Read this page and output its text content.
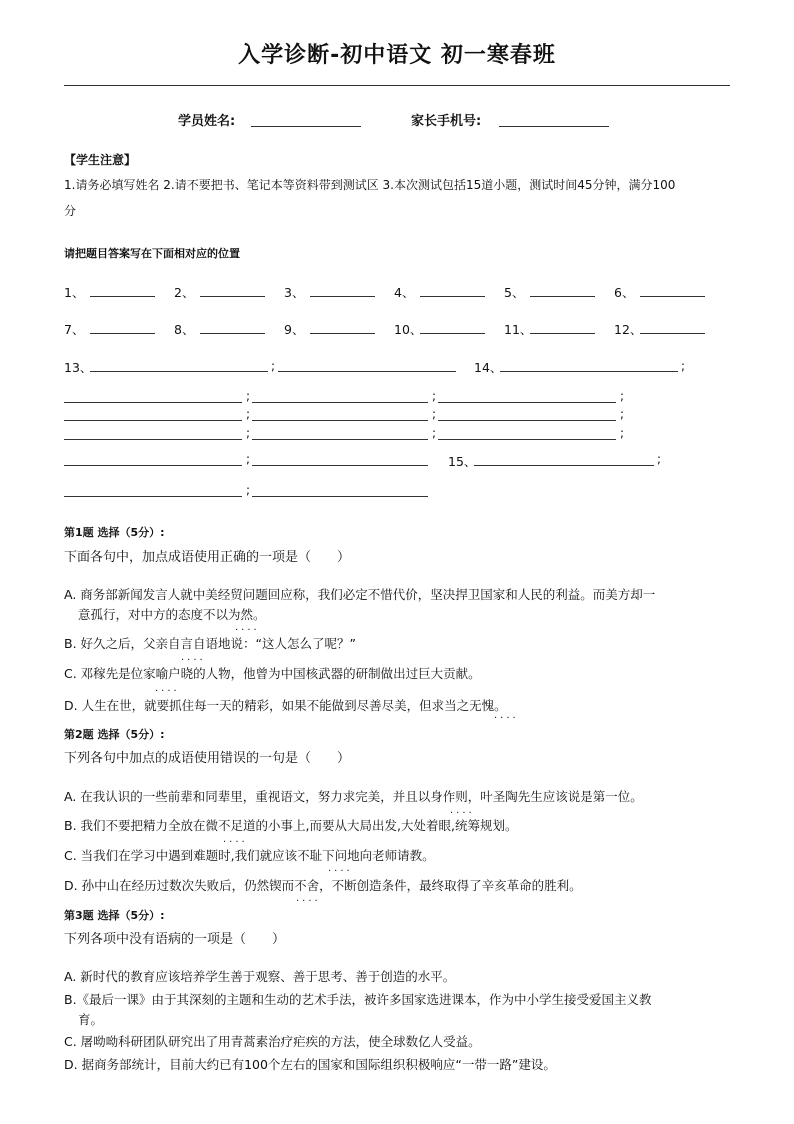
入学诊断-初中语文 初一寒春班
学员姓名:	家长手机号:
【学生注意】
1.请务必填写姓名 2.请不要把书、笔记本等资料带到测试区 3.本次测试包括15道小题，测试时间45分钟，满分100
分
请把题目答案写在下面相对应的位置
1、	2、	3、	4、	5、	6、
7、	8、	9、	10、	11、	12、
13、	;	14、	;
;	;	;
;	;	;
;	;	;
;	15、	;
;
第1题 选择（5分）:
下面各句中，加点成语使用正确的一项是（　　）
A. 商务部新闻发言人就中美经贸问题回应称，我们必定不惜代价，坚决捍卫国家和人民的利益。而美方却一
意孤行，对中方的态度不以为然。
····
B. 好久之后，父亲自言自语地说：“这人怎么了呢？”
····
C. 邓稼先是位家喻户晓的人物，他曾为中国核武器的研制做出过巨大贡献。
····
D. 人生在世，就要抓住每一天的精彩，如果不能做到尽善尽美，但求当之无愧。
····
第2题 选择（5分）:
下列各句中加点的成语使用错误的一句是（　　）
A. 在我认识的一些前辈和同辈里，重视语文，努力求完美，并且以身作则，叶圣陶先生应该说是第一位。
····
B. 我们不要把精力全放在微不足道的小事上,而要从大局出发,大处着眼,统筹规划。
····
C. 当我们在学习中遇到难题时,我们就应该不耻下问地向老师请教。
····
D. 孙中山在经历过数次失败后，仍然锲而不舍，不断创造条件，最终取得了辛亥革命的胜利。
····
第3题 选择（5分）:
下列各项中没有语病的一项是（　　）
A. 新时代的教育应该培养学生善于观察、善于思考、善于创造的水平。
B.《最后一课》由于其深刻的主题和生动的艺术手法，被许多国家选进课本，作为中小学生接受爱国主义教
育。
C. 屠呦呦科研团队研究出了用青蒿素治疗疟疾的方法，使全球数亿人受益。
D. 据商务部统计，目前大约已有100个左右的国家和国际组织积极响应“一带一路”建设。
